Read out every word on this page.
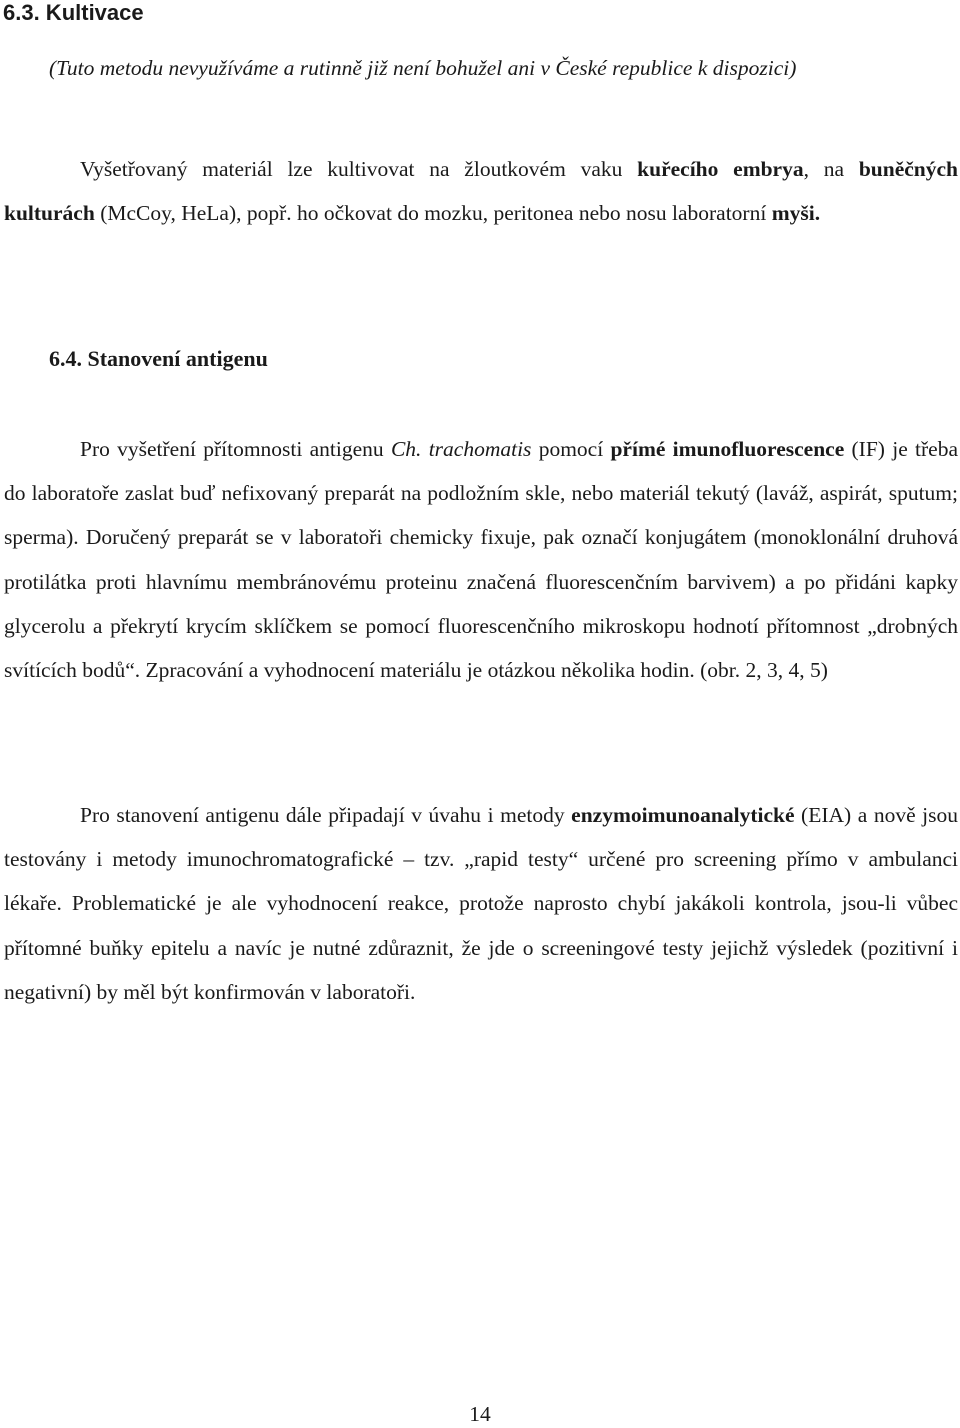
6.3. Kultivace

(Tuto metodu nevyužíváme a rutinně již není bohužel ani v České republice k dispozici)

Vyšetřovaný materiál lze kultivovat na žloutkovém vaku kuřecího embrya, na buněčných kulturách (McCoy, HeLa), popř. ho očkovat do mozku, peritonea nebo nosu laboratorní myši.

6.4. Stanovení antigenu

Pro vyšetření přítomnosti antigenu Ch. trachomatis pomocí přímé imunofluorescence (IF) je třeba do laboratoře zaslat buď nefixovaný preparát na podložním skle, nebo materiál tekutý (laváž, aspirát, sputum; sperma). Doručený preparát se v laboratoři chemicky fixuje, pak označí konjugátem (monoklonální druhová protilátka proti hlavnímu membránovému proteinu značená fluorescenčním barvivem) a po přidáni kapky glycerolu a překrytí krycím sklíčkem se pomocí fluorescenčního mikroskopu hodnotí přítomnost „drobných svítících bodů“. Zpracování a vyhodnocení materiálu je otázkou několika hodin. (obr. 2, 3, 4, 5)

Pro stanovení antigenu dále připadají v úvahu i metody enzymoimunoanalytické (EIA) a nově jsou testovány i metody imunochromatografické – tzv. „rapid testy“ určené pro screening přímo v ambulanci lékaře. Problematické je ale vyhodnocení reakce, protože naprosto chybí jakákoli kontrola, jsou-li vůbec přítomné buňky epitelu a navíc je nutné zdůraznit, že jde o screeningové testy jejichž výsledek (pozitivní i negativní) by měl být konfirmován v laboratoři.

14
